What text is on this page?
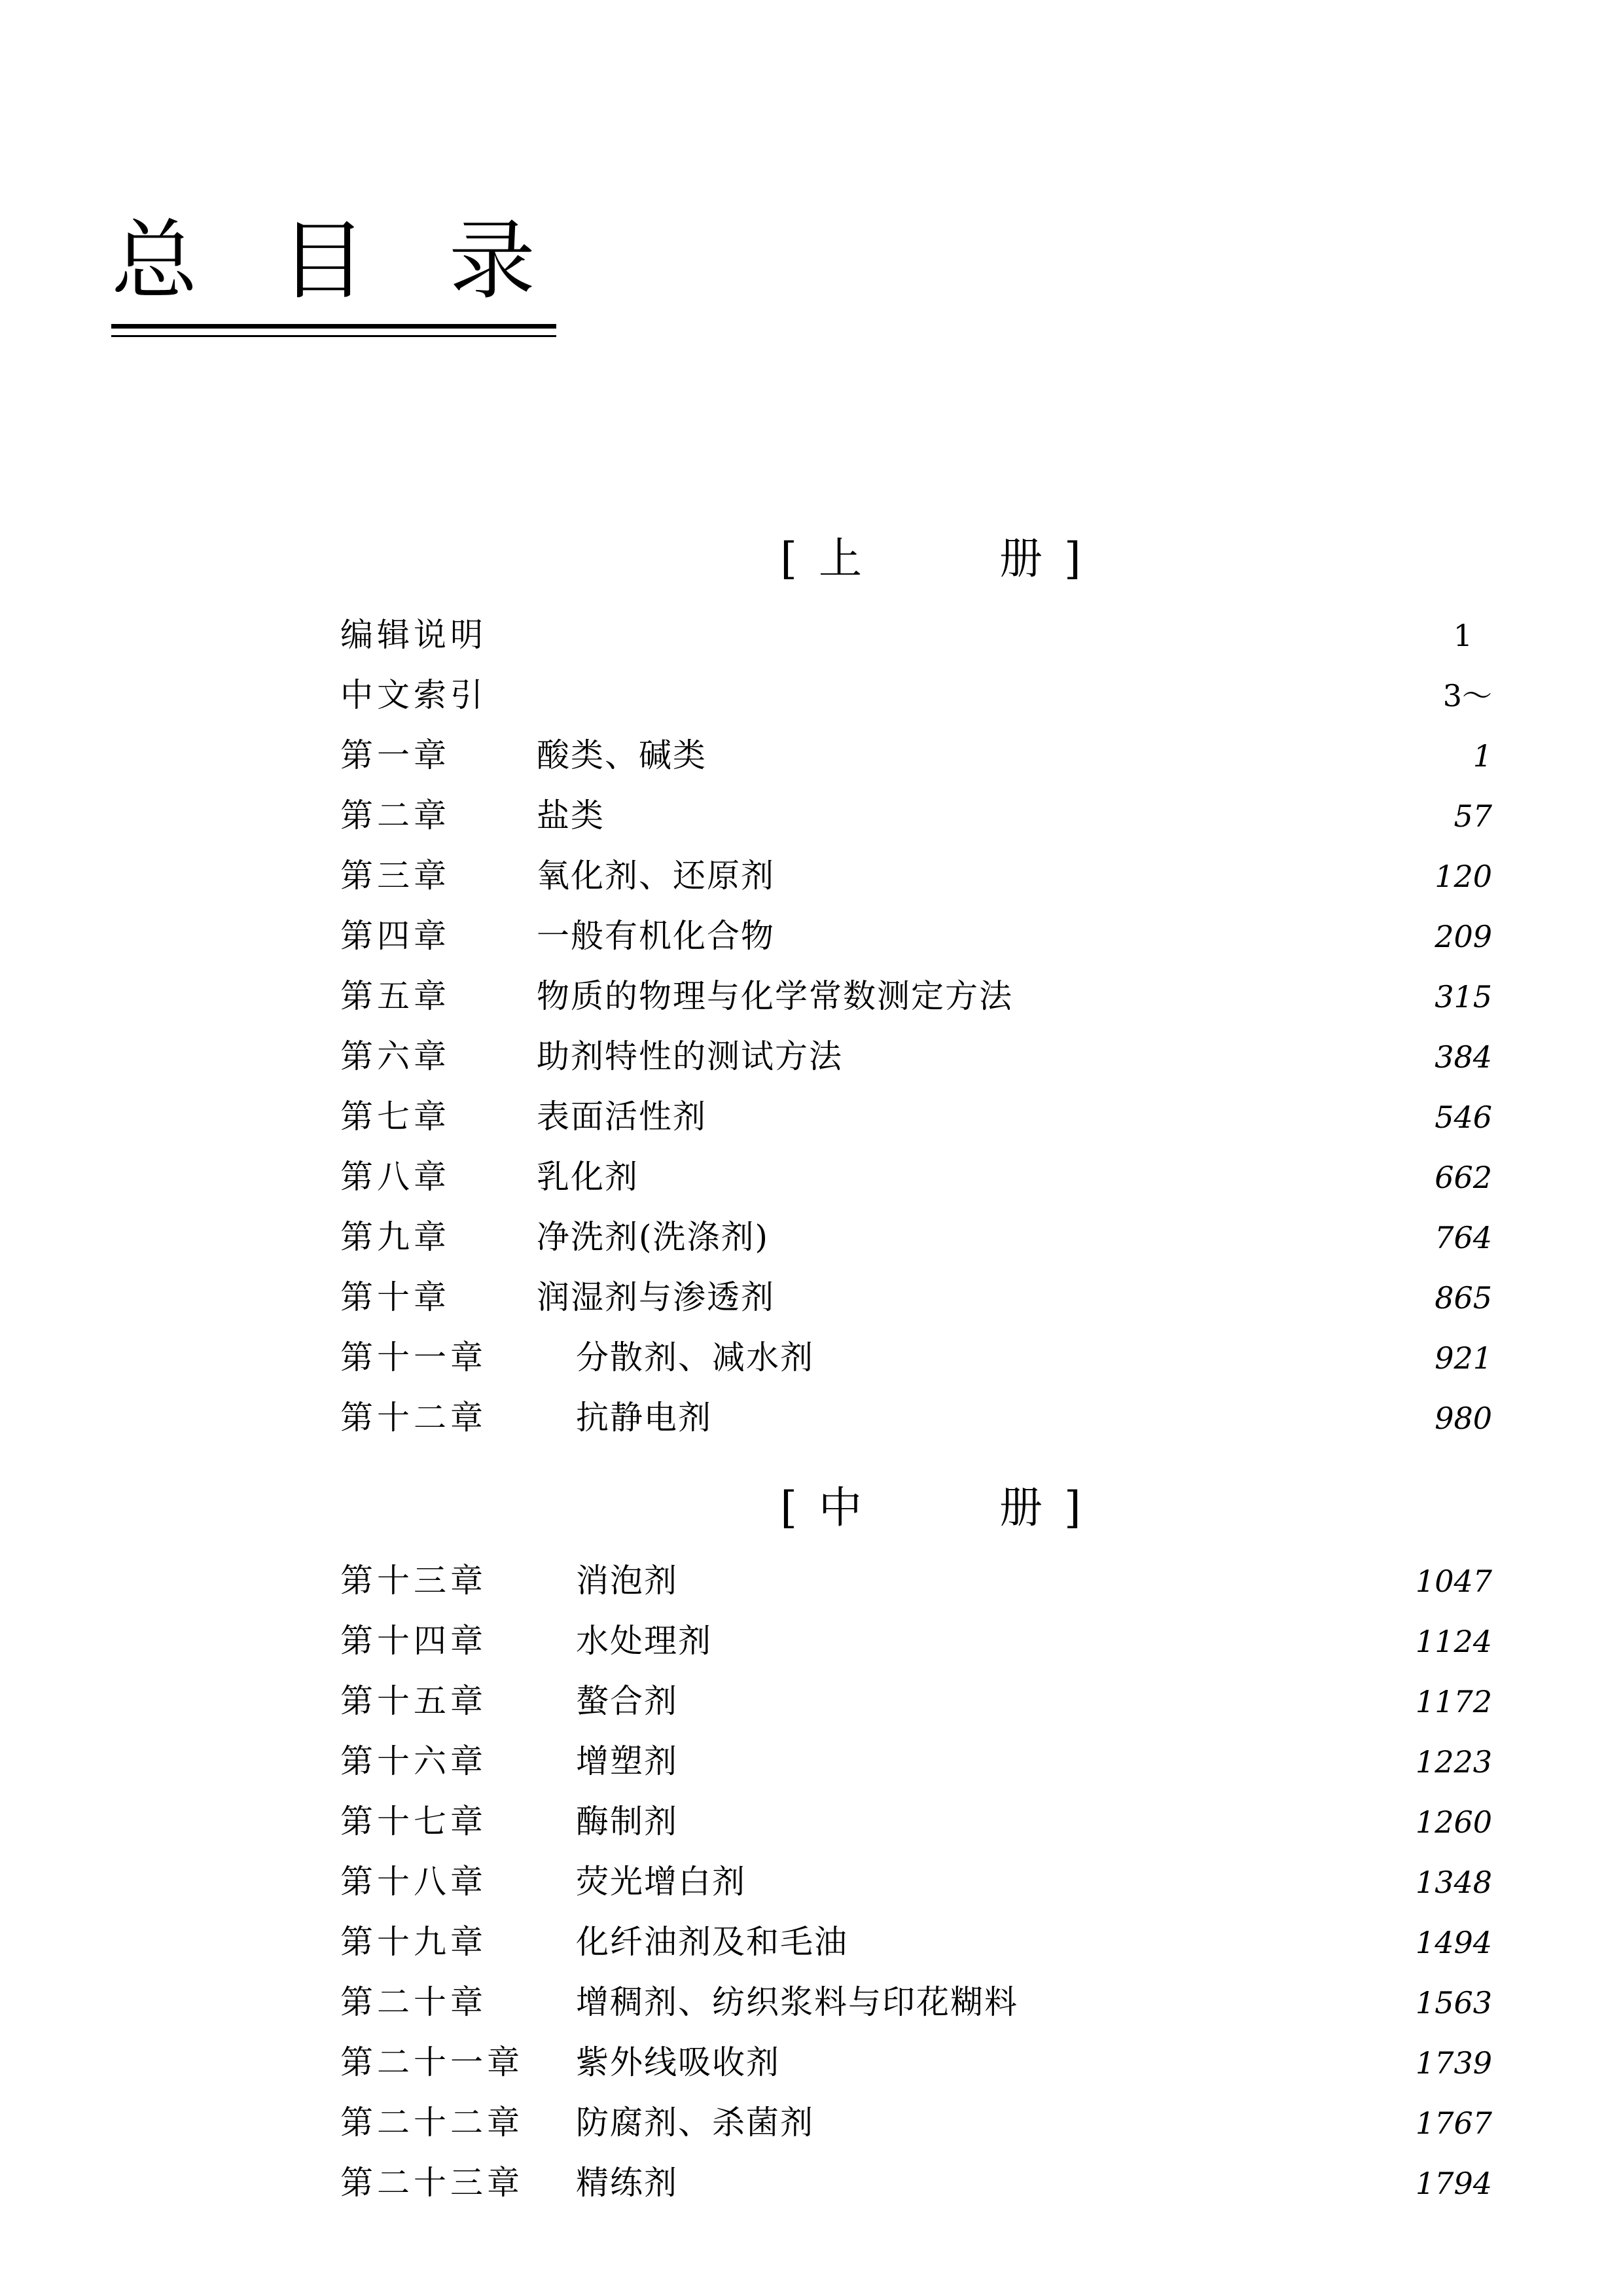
总 目 录
[ 上	册 ]
编辑说明	1
中文索引	3～
第一章	酸类、碱类	1
第二章	盐类	57
第三章	氧化剂、还原剂	120
第四章	一般有机化合物	209
第五章	物质的物理与化学常数测定方法	315
第六章	助剂特性的测试方法	384
第七章	表面活性剂	546
第八章	乳化剂	662
第九章	净洗剂(洗涤剂)	764
第十章	润湿剂与渗透剂	865
第十一章	分散剂、减水剂	921
第十二章	抗静电剂	980
[ 中	册 ]
第十三章	消泡剂	1047
第十四章	水处理剂	1124
第十五章	螯合剂	1172
第十六章	增塑剂	1223
第十七章	酶制剂	1260
第十八章	荧光增白剂	1348
第十九章	化纤油剂及和毛油	1494
第二十章	增稠剂、纺织浆料与印花糊料	1563
第二十一章	紫外线吸收剂	1739
第二十二章	防腐剂、杀菌剂	1767
第二十三章	精练剂	1794
